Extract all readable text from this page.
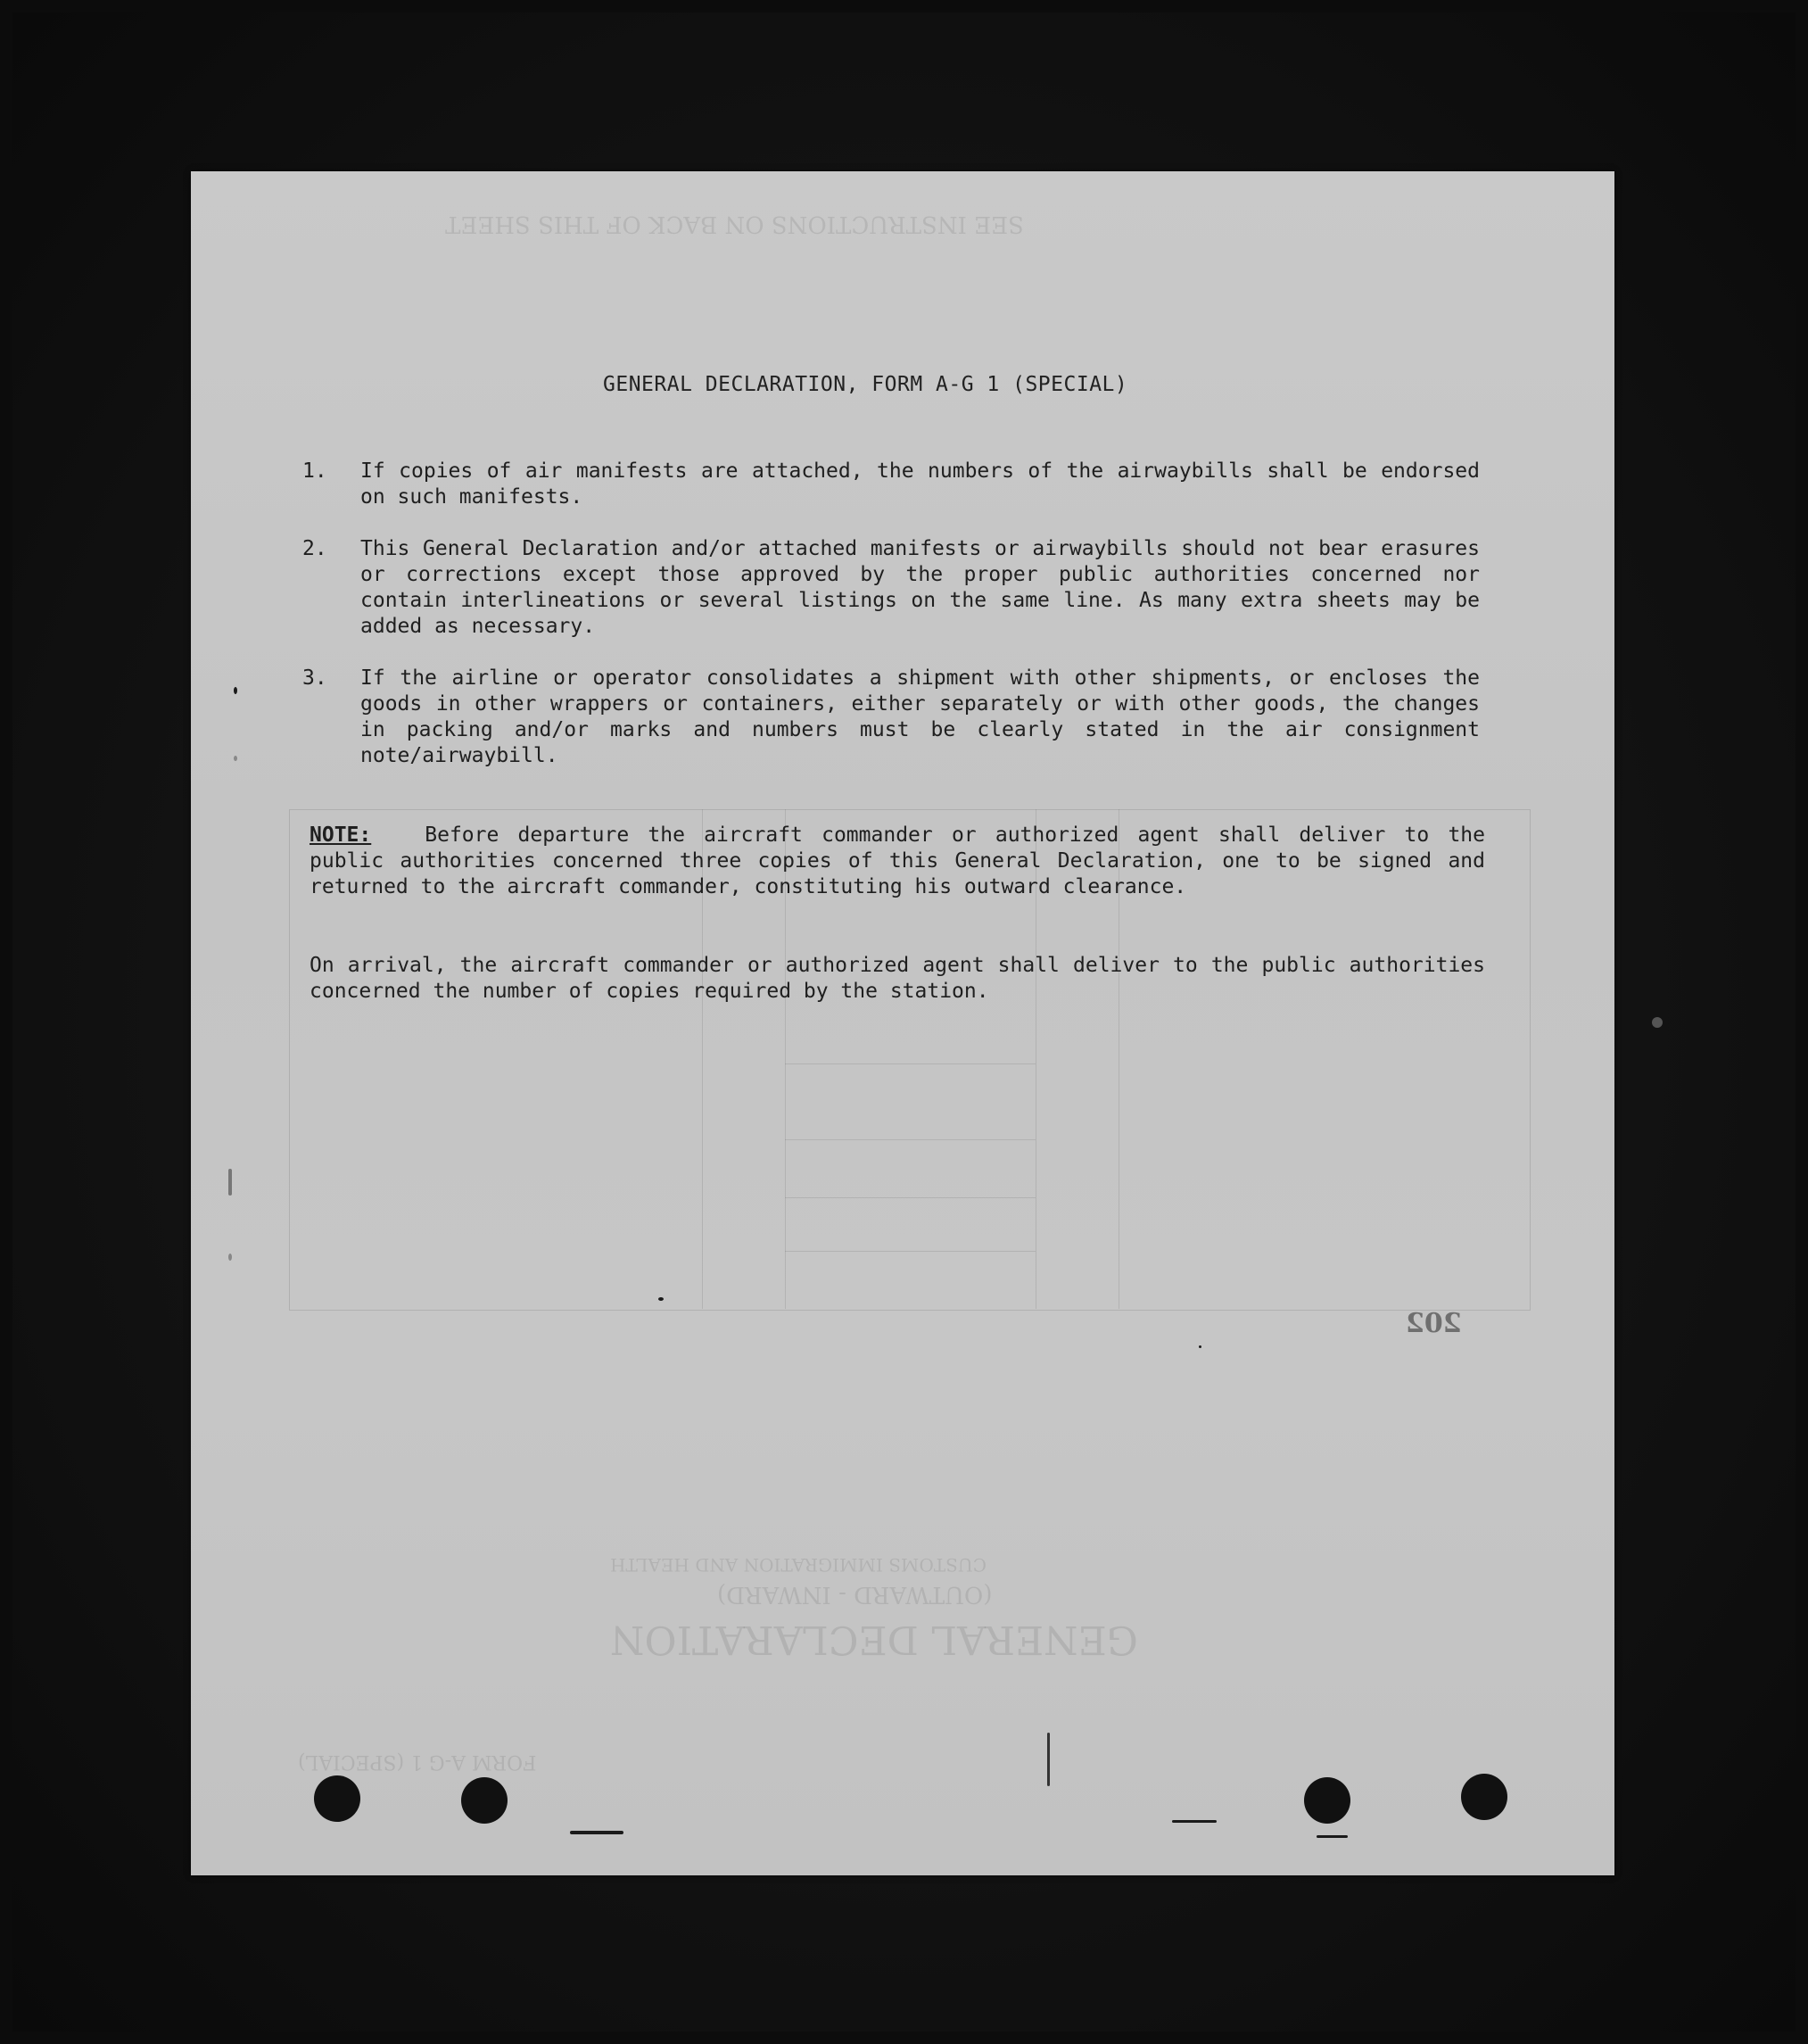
SEE INSTRUCTIONS ON BACK OF THIS SHEET
GENERAL DECLARATION
(OUTWARD - INWARD)
CUSTOMS IMMIGRATION AND HEALTH
FORM A-G 1 (SPECIAL)
GENERAL DECLARATION, FORM A-G 1 (SPECIAL)
1.	If copies of air manifests are attached, the numbers of the airwaybills shall be endorsed on such manifests.
2.	This General Declaration and/or attached manifests or airwaybills should not bear erasures or corrections except those approved by the proper public authorities concerned nor contain interlineations or several listings on the same line. As many extra sheets may be added as necessary.
3.	If the airline or operator consolidates a shipment with other shipments, or encloses the goods in other wrappers or containers, either separately or with other goods, the changes in packing and/or marks and numbers must be clearly stated in the air consignment note/airwaybill.
NOTE:	Before departure the aircraft commander or authorized agent shall deliver to the public authorities concerned three copies of this General Declaration, one to be signed and returned to the aircraft commander, constituting his outward clearance.
On arrival, the aircraft commander or authorized agent shall deliver to the public authorities concerned the number of copies required by the station.
202
